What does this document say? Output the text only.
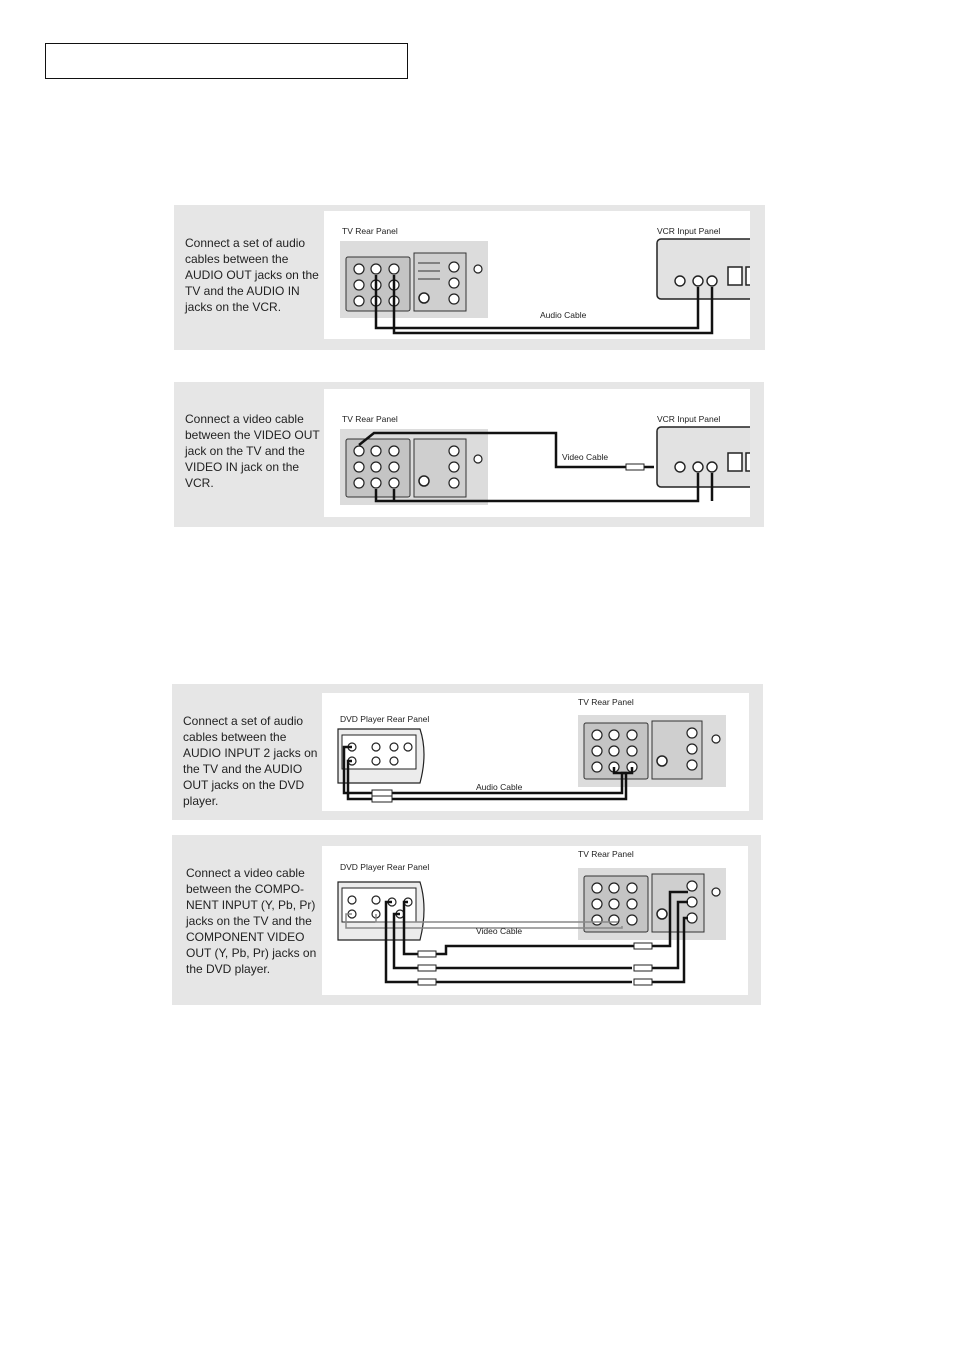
Connect a set of audio
cables between the
AUDIO OUT jacks on the
TV and the AUDIO IN
jacks on the VCR.
TV Rear Panel	VCR Input Panel
Audio Cable
Connect a video cable
between the VIDEO OUT
jack on the TV and the
VIDEO IN jack on the
VCR.
TV Rear Panel	VCR Input Panel
Video Cable
Connect a set of audio
cables between the
AUDIO INPUT 2 jacks on
the TV and the AUDIO
OUT jacks on the DVD
player.
DVD Player Rear Panel
TV Rear Panel
Audio Cable
Connect a video cable
between the COMPO-
NENT INPUT (Y, Pb, Pr)
jacks on the TV and the
COMPONENT VIDEO
OUT (Y, Pb, Pr) jacks on
the DVD player.
DVD Player Rear Panel
TV Rear Panel
Video Cable
